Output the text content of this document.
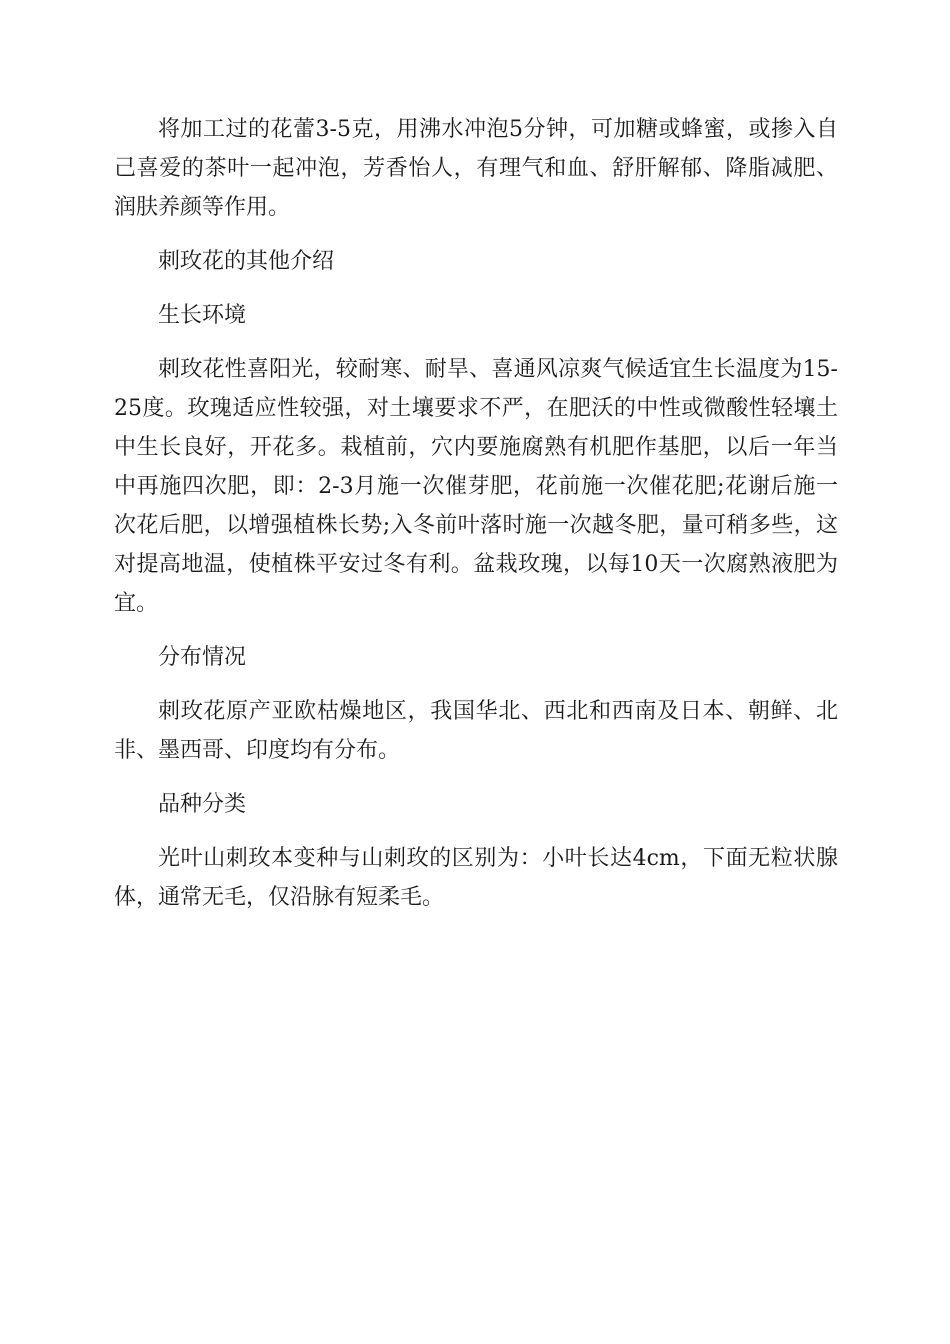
将加工过的花蕾3-5克，用沸水冲泡5分钟，可加糖或蜂蜜，或掺入自己喜爱的茶叶一起冲泡，芳香怡人，有理气和血、舒肝解郁、降脂减肥、润肤养颜等作用。

刺玫花的其他介绍

生长环境

刺玫花性喜阳光，较耐寒、耐旱、喜通风凉爽气候适宜生长温度为15-25度。玫瑰适应性较强，对土壤要求不严，在肥沃的中性或微酸性轻壤土中生长良好，开花多。栽植前，穴内要施腐熟有机肥作基肥，以后一年当中再施四次肥，即：2-3月施一次催芽肥，花前施一次催花肥;花谢后施一次花后肥，以增强植株长势;入冬前叶落时施一次越冬肥，量可稍多些，这对提高地温，使植株平安过冬有利。盆栽玫瑰，以每10天一次腐熟液肥为宜。

分布情况

刺玫花原产亚欧枯燥地区，我国华北、西北和西南及日本、朝鲜、北非、墨西哥、印度均有分布。

品种分类

光叶山刺玫本变种与山刺玫的区别为：小叶长达4cm，下面无粒状腺体，通常无毛，仅沿脉有短柔毛。
